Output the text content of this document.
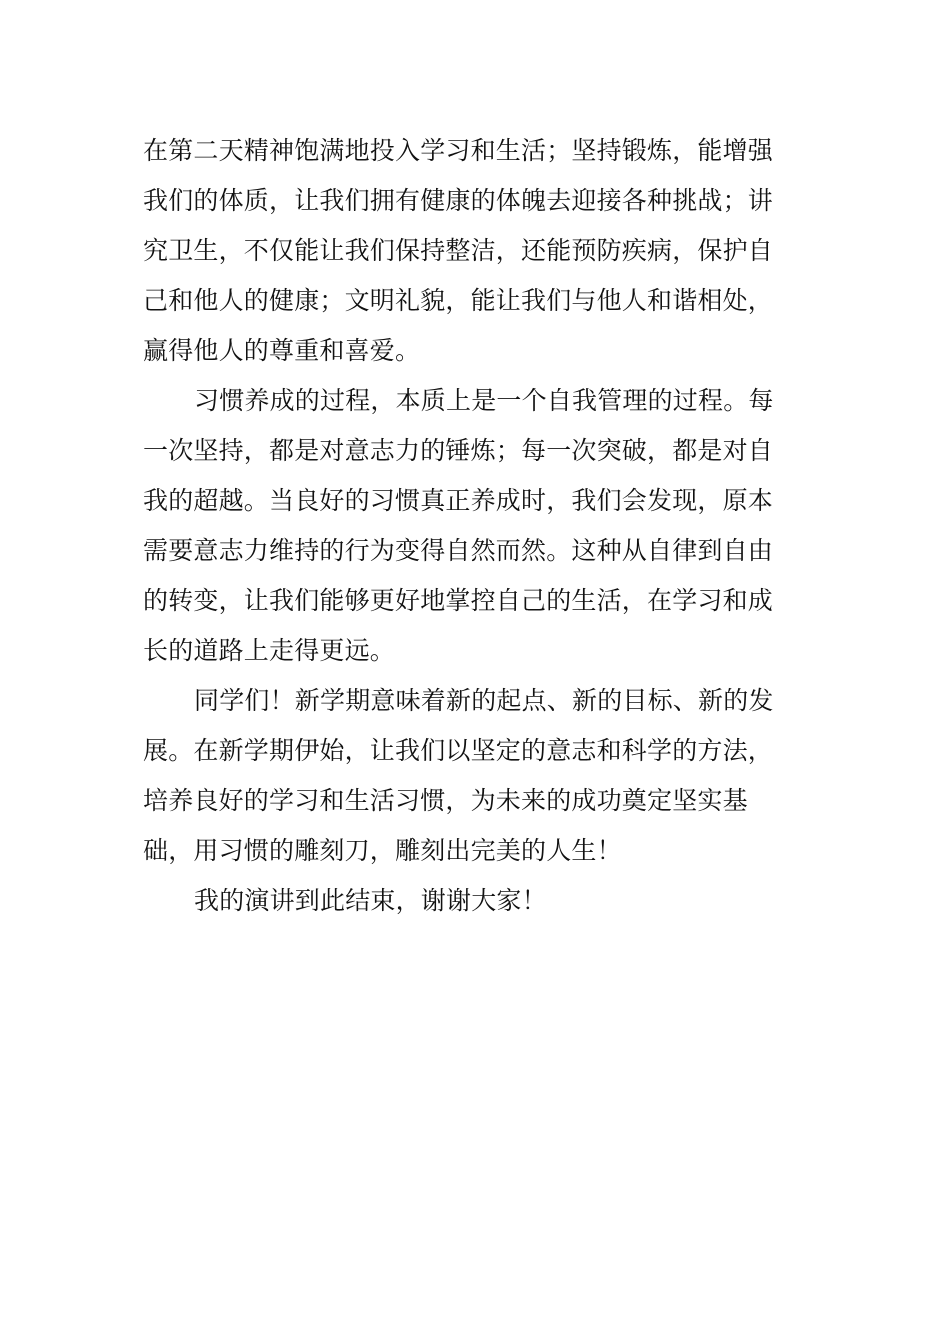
在第二天精神饱满地投入学习和生活；坚持锻炼，能增强
我们的体质，让我们拥有健康的体魄去迎接各种挑战；讲
究卫生，不仅能让我们保持整洁，还能预防疾病，保护自
己和他人的健康；文明礼貌，能让我们与他人和谐相处，
赢得他人的尊重和喜爱。
习惯养成的过程，本质上是一个自我管理的过程。每
一次坚持，都是对意志力的锤炼；每一次突破，都是对自
我的超越。当良好的习惯真正养成时，我们会发现，原本
需要意志力维持的行为变得自然而然。这种从自律到自由
的转变，让我们能够更好地掌控自己的生活，在学习和成
长的道路上走得更远。
同学们！新学期意味着新的起点、新的目标、新的发
展。在新学期伊始，让我们以坚定的意志和科学的方法，
培养良好的学习和生活习惯，为未来的成功奠定坚实基
础，用习惯的雕刻刀，雕刻出完美的人生！
我的演讲到此结束，谢谢大家！
